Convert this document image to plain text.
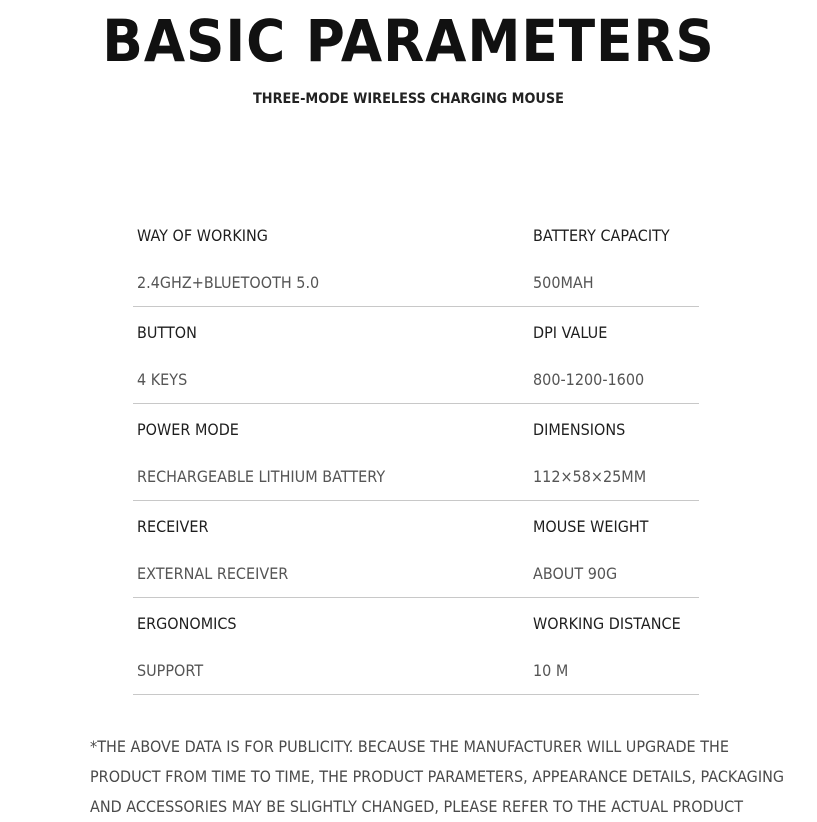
BASIC PARAMETERS
THREE-MODE WIRELESS CHARGING MOUSE
WAY OF WORKING
2.4GHZ+BLUETOOTH 5.0
BATTERY CAPACITY
500MAH
BUTTON
4 KEYS
DPI VALUE
800-1200-1600
POWER MODE
RECHARGEABLE LITHIUM BATTERY
DIMENSIONS
112×58×25MM
RECEIVER
EXTERNAL RECEIVER
MOUSE WEIGHT
ABOUT 90G
ERGONOMICS
SUPPORT
WORKING DISTANCE
10 M

*THE ABOVE DATA IS FOR PUBLICITY. BECAUSE THE MANUFACTURER WILL UPGRADE THE
PRODUCT FROM TIME TO TIME, THE PRODUCT PARAMETERS, APPEARANCE DETAILS, PACKAGING
AND ACCESSORIES MAY BE SLIGHTLY CHANGED, PLEASE REFER TO THE ACTUAL PRODUCT
